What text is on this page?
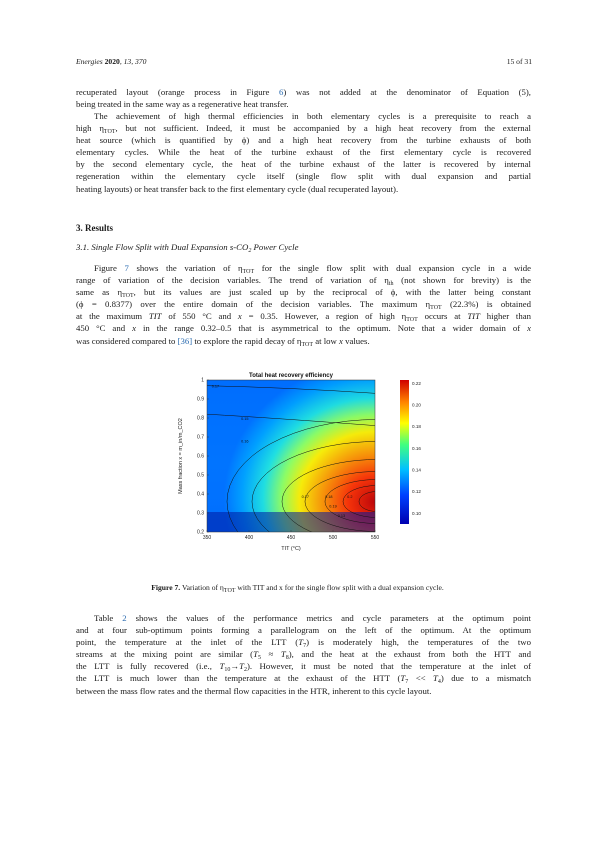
Energies 2020, 13, 370	15 of 31

recuperated layout (orange process in Figure 6) was not added at the denominator of Equation (5),
being treated in the same way as a regenerative heat transfer.

The achievement of high thermal efficiencies in both elementary cycles is a prerequisite to reach a
high $\eta_{TOT}$, but not sufficient. Indeed, it must be accompanied by a high heat recovery from the external
heat source (which is quantified by ϕ) and a high heat recovery from the turbine exhausts of both
elementary cycles. While the heat of the turbine exhaust of the first elementary cycle is recovered
by the second elementary cycle, the heat of the turbine exhaust of the latter is recovered by internal
regeneration within the elementary cycle itself (single flow split with dual expansion and partial
heating layouts) or heat transfer back to the first elementary cycle (dual recuperated layout).

3. Results

3.1. Single Flow Split with Dual Expansion $s-CO_2$ Power Cycle

Figure 7 shows the variation of $\eta_{TOT}$ for the single flow split with dual expansion cycle in a wide
range of variation of the decision variables. The trend of variation of $\eta_{th}$ (not shown for brevity) is the
same as $\eta_{TOT}$, but its values are just scaled up by the reciprocal of ϕ, with the latter being constant
(ϕ = 0.8377) over the entire domain of the decision variables. The maximum $\eta_{TOT}$ (22.3%) is obtained
at the maximum TIT of 550 °C and x = 0.35. However, a region of high $\eta_{TOT}$ occurs at TIT higher than
450 °C and x in the range 0.32–0.5 that is asymmetrical to the optimum. Note that a wider domain of x
was considered compared to [36] to explore the rapid decay of $\eta_{TOT}$ at low x values.

Total heat recovery efficiency
0.17
0.15
0.16
0.17	0.18
0.19
0.2
0.13
350	400	450	500	550
0.2
0.3
0.4
0.5
0.6
0.7
0.8
0.9
1
TIT (°C)
Mass fraction x = m_in/m_CO2
0.10
0.12
0.14
0.16
0.18
0.20
0.22

Figure 7. Variation of $\eta_{TOT}$ with TIT and x for the single flow split with a dual expansion cycle.

Table 2 shows the values of the performance metrics and cycle parameters at the optimum point
and at four sub-optimum points forming a parallelogram on the left of the optimum. At the optimum
point, the temperature at the inlet of the LTT $(T_7)$ is moderately high, the temperatures of the two
streams at the mixing point are similar $(T_5 \approx T_8)$, and the heat at the exhaust from both the HTT and
the LTT is fully recovered (i.e., $T_{10}\to T_2$). However, it must be noted that the temperature at the inlet of
the LTT is much lower than the temperature at the exhaust of the HTT $(T_7 << T_4)$ due to a mismatch
between the mass flow rates and the thermal flow capacities in the HTR, inherent to this cycle layout.
